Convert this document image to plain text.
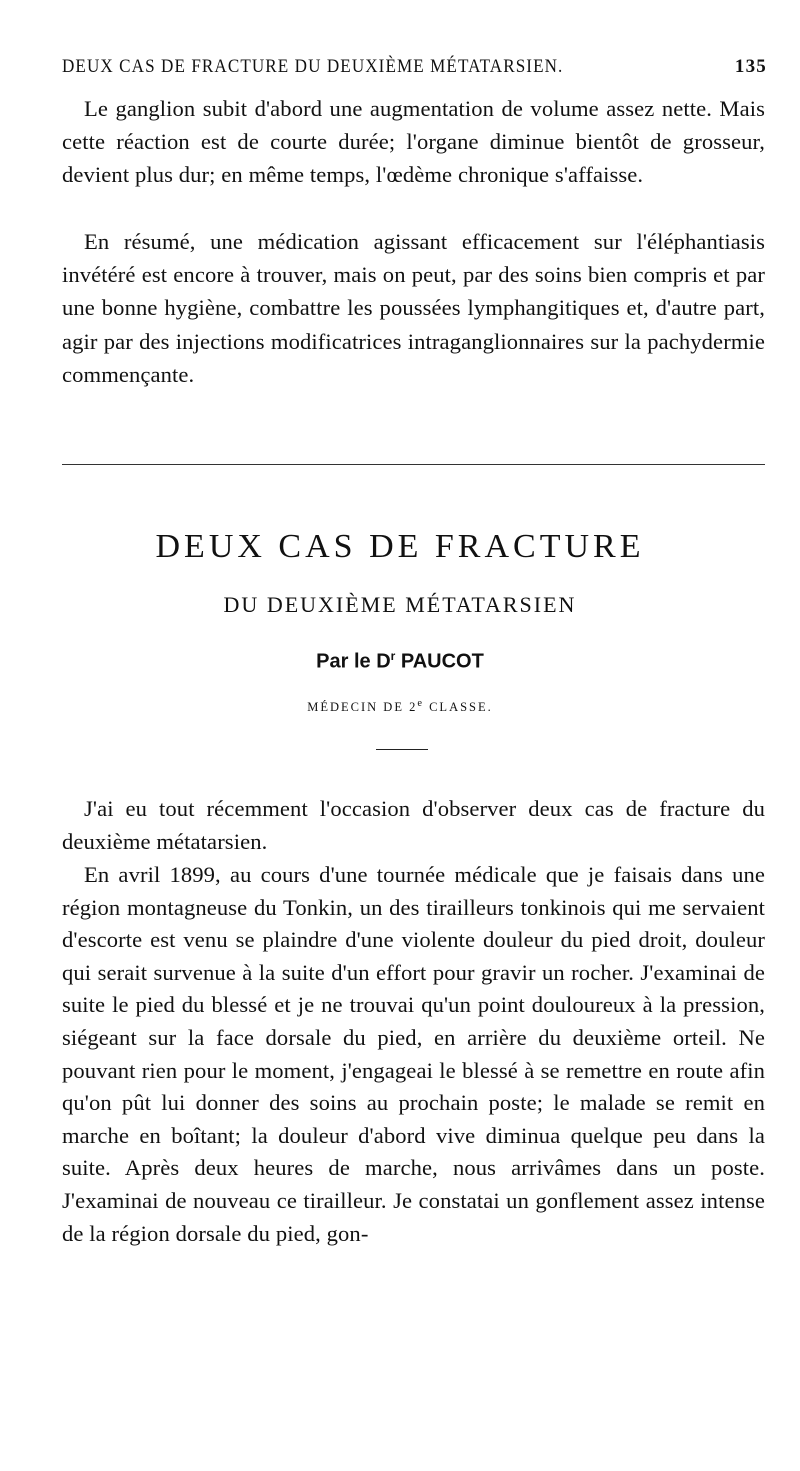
DEUX CAS DE FRACTURE DU DEUXIÈME MÉTATARSIEN.	135

Le ganglion subit d'abord une augmentation de volume assez nette. Mais cette réaction est de courte durée; l'organe diminue bientôt de grosseur, devient plus dur; en même temps, l'œdème chronique s'affaisse.

En résumé, une médication agissant efficacement sur l'éléphantiasis invétéré est encore à trouver, mais on peut, par des soins bien compris et par une bonne hygiène, combattre les poussées lymphangitiques et, d'autre part, agir par des injections modificatrices intraganglionnaires sur la pachydermie commençante.

DEUX CAS DE FRACTURE
DU DEUXIÈME MÉTATARSIEN
Par le $D^r$ PAUCOT
MÉDECIN DE 2e CLASSE.

J'ai eu tout récemment l'occasion d'observer deux cas de fracture du deuxième métatarsien.

En avril 1899, au cours d'une tournée médicale que je faisais dans une région montagneuse du Tonkin, un des tirailleurs tonkinois qui me servaient d'escorte est venu se plaindre d'une violente douleur du pied droit, douleur qui serait survenue à la suite d'un effort pour gravir un rocher. J'examinai de suite le pied du blessé et je ne trouvai qu'un point douloureux à la pression, siégeant sur la face dorsale du pied, en arrière du deuxième orteil. Ne pouvant rien pour le moment, j'engageai le blessé à se remettre en route afin qu'on pût lui donner des soins au prochain poste; le malade se remit en marche en boîtant; la douleur d'abord vive diminua quelque peu dans la suite. Après deux heures de marche, nous arrivâmes dans un poste. J'examinai de nouveau ce tirailleur. Je constatai un gonflement assez intense de la région dorsale du pied, gon-
